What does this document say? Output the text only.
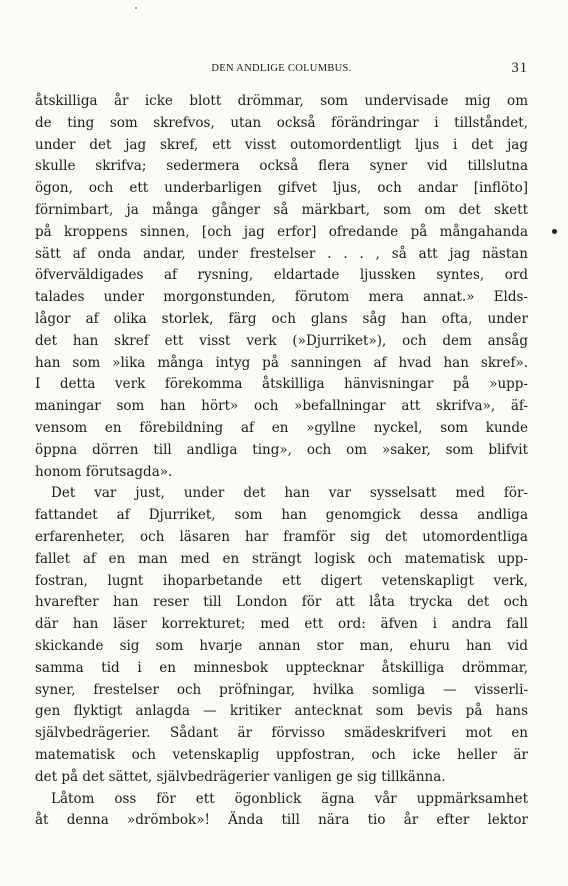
DEN ANDLIGE COLUMBUS.	31
åtskilliga år icke blott drömmar, som undervisade mig om
de ting som skrefvos, utan också förändringar i tillståndet,
under det jag skref, ett visst outomordentligt ljus i det jag
skulle skrifva; sedermera också flera syner vid tillslutna
ögon, och ett underbarligen gifvet ljus, och andar [inflöto]
förnimbart, ja många gånger så märkbart, som om det skett
på kroppens sinnen, [och jag erfor] ofredande på mångahanda
sätt af onda andar, under frestelser . . . , så att jag nästan
öfverväldigades af rysning, eldartade ljussken syntes, ord
talades under morgonstunden, förutom mera annat.» Elds-
lågor af olika storlek, färg och glans såg han ofta, under
det han skref ett visst verk (»Djurriket»), och dem ansåg
han som »lika många intyg på sanningen af hvad han skref».
I detta verk förekomma åtskilliga hänvisningar på »upp-
maningar som han hört» och »befallningar att skrifva», äf-
vensom en förebildning af en »gyllne nyckel, som kunde
öppna dörren till andliga ting», och om »saker, som blifvit
honom förutsagda».
Det var just, under det han var sysselsatt med för-
fattandet af Djurriket, som han genomgick dessa andliga
erfarenheter, och läsaren har framför sig det utomordentliga
fallet af en man med en strängt logisk och matematisk upp-
fostran, lugnt ihoparbetande ett digert vetenskapligt verk,
hvarefter han reser till London för att låta trycka det och
där han läser korrekturet; med ett ord: äfven i andra fall
skickande sig som hvarje annan stor man, ehuru han vid
samma tid i en minnesbok upptecknar åtskilliga drömmar,
syner, frestelser och pröfningar, hvilka somliga — visserli-
gen flyktigt anlagda — kritiker antecknat som bevis på hans
självbedrägerier. Sådant är förvisso smädeskrifveri mot en
matematisk och vetenskaplig uppfostran, och icke heller är
det på det sättet, självbedrägerier vanligen ge sig tillkänna.
Låtom oss för ett ögonblick ägna vår uppmärksamhet
åt denna »drömbok»! Ända till nära tio år efter lektor
